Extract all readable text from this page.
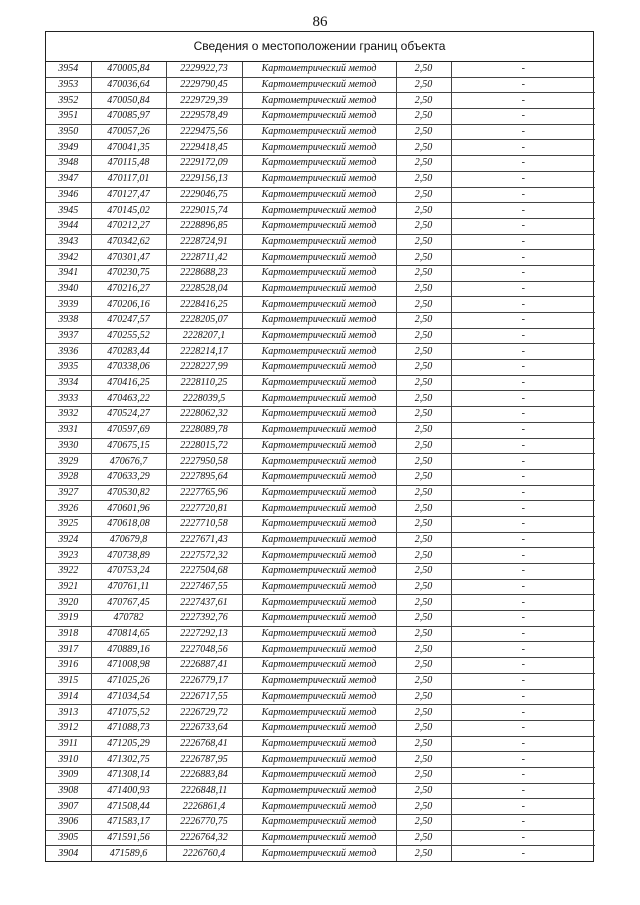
86
Сведения о местоположении границ объекта
3954	470005,84	2229922,73	Картометрический метод	2,50	-
3953	470036,64	2229790,45	Картометрический метод	2,50	-
3952	470050,84	2229729,39	Картометрический метод	2,50	-
3951	470085,97	2229578,49	Картометрический метод	2,50	-
3950	470057,26	2229475,56	Картометрический метод	2,50	-
3949	470041,35	2229418,45	Картометрический метод	2,50	-
3948	470115,48	2229172,09	Картометрический метод	2,50	-
3947	470117,01	2229156,13	Картометрический метод	2,50	-
3946	470127,47	2229046,75	Картометрический метод	2,50	-
3945	470145,02	2229015,74	Картометрический метод	2,50	-
3944	470212,27	2228896,85	Картометрический метод	2,50	-
3943	470342,62	2228724,91	Картометрический метод	2,50	-
3942	470301,47	2228711,42	Картометрический метод	2,50	-
3941	470230,75	2228688,23	Картометрический метод	2,50	-
3940	470216,27	2228528,04	Картометрический метод	2,50	-
3939	470206,16	2228416,25	Картометрический метод	2,50	-
3938	470247,57	2228205,07	Картометрический метод	2,50	-
3937	470255,52	2228207,1	Картометрический метод	2,50	-
3936	470283,44	2228214,17	Картометрический метод	2,50	-
3935	470338,06	2228227,99	Картометрический метод	2,50	-
3934	470416,25	2228110,25	Картометрический метод	2,50	-
3933	470463,22	2228039,5	Картометрический метод	2,50	-
3932	470524,27	2228062,32	Картометрический метод	2,50	-
3931	470597,69	2228089,78	Картометрический метод	2,50	-
3930	470675,15	2228015,72	Картометрический метод	2,50	-
3929	470676,7	2227950,58	Картометрический метод	2,50	-
3928	470633,29	2227895,64	Картометрический метод	2,50	-
3927	470530,82	2227765,96	Картометрический метод	2,50	-
3926	470601,96	2227720,81	Картометрический метод	2,50	-
3925	470618,08	2227710,58	Картометрический метод	2,50	-
3924	470679,8	2227671,43	Картометрический метод	2,50	-
3923	470738,89	2227572,32	Картометрический метод	2,50	-
3922	470753,24	2227504,68	Картометрический метод	2,50	-
3921	470761,11	2227467,55	Картометрический метод	2,50	-
3920	470767,45	2227437,61	Картометрический метод	2,50	-
3919	470782	2227392,76	Картометрический метод	2,50	-
3918	470814,65	2227292,13	Картометрический метод	2,50	-
3917	470889,16	2227048,56	Картометрический метод	2,50	-
3916	471008,98	2226887,41	Картометрический метод	2,50	-
3915	471025,26	2226779,17	Картометрический метод	2,50	-
3914	471034,54	2226717,55	Картометрический метод	2,50	-
3913	471075,52	2226729,72	Картометрический метод	2,50	-
3912	471088,73	2226733,64	Картометрический метод	2,50	-
3911	471205,29	2226768,41	Картометрический метод	2,50	-
3910	471302,75	2226787,95	Картометрический метод	2,50	-
3909	471308,14	2226883,84	Картометрический метод	2,50	-
3908	471400,93	2226848,11	Картометрический метод	2,50	-
3907	471508,44	2226861,4	Картометрический метод	2,50	-
3906	471583,17	2226770,75	Картометрический метод	2,50	-
3905	471591,56	2226764,32	Картометрический метод	2,50	-
3904	471589,6	2226760,4	Картометрический метод	2,50	-
